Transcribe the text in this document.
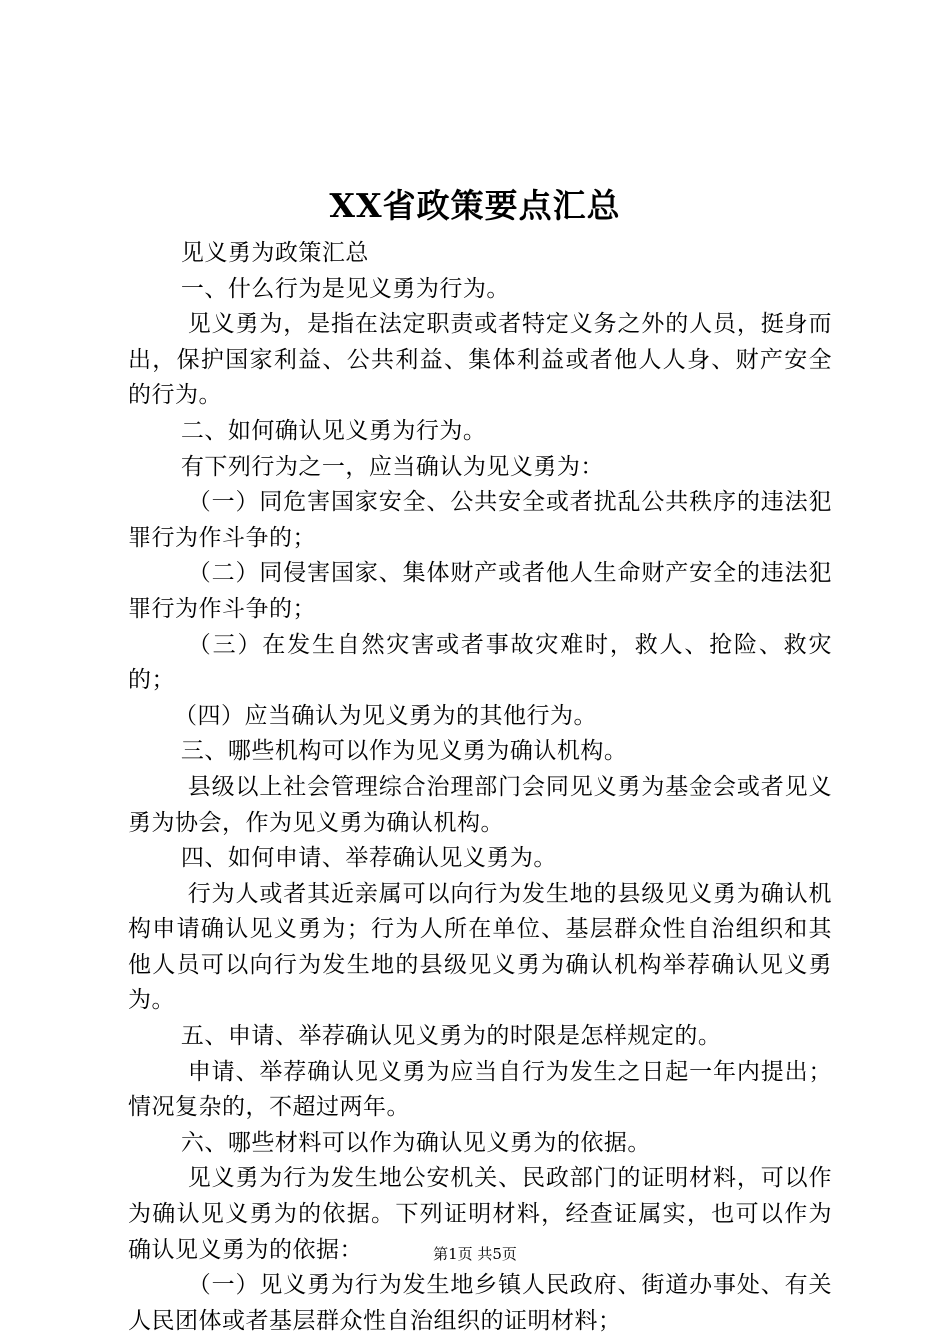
XX省政策要点汇总

见义勇为政策汇总

一、什么行为是见义勇为行为。

见义勇为，是指在法定职责或者特定义务之外的人员，挺身而出，保护国家利益、公共利益、集体利益或者他人人身、财产安全的行为。

二、如何确认见义勇为行为。

有下列行为之一，应当确认为见义勇为：

（一）同危害国家安全、公共安全或者扰乱公共秩序的违法犯罪行为作斗争的；

（二）同侵害国家、集体财产或者他人生命财产安全的违法犯罪行为作斗争的；

（三）在发生自然灾害或者事故灾难时，救人、抢险、救灾的；

（四）应当确认为见义勇为的其他行为。

三、哪些机构可以作为见义勇为确认机构。

县级以上社会管理综合治理部门会同见义勇为基金会或者见义勇为协会，作为见义勇为确认机构。

四、如何申请、举荐确认见义勇为。

行为人或者其近亲属可以向行为发生地的县级见义勇为确认机构申请确认见义勇为；行为人所在单位、基层群众性自治组织和其他人员可以向行为发生地的县级见义勇为确认机构举荐确认见义勇为。

五、申请、举荐确认见义勇为的时限是怎样规定的。

申请、举荐确认见义勇为应当自行为发生之日起一年内提出；情况复杂的，不超过两年。

六、哪些材料可以作为确认见义勇为的依据。

见义勇为行为发生地公安机关、民政部门的证明材料，可以作为确认见义勇为的依据。下列证明材料，经查证属实，也可以作为确认见义勇为的依据：

（一）见义勇为行为发生地乡镇人民政府、街道办事处、有关人民团体或者基层群众性自治组织的证明材料；

第1页 共5页
